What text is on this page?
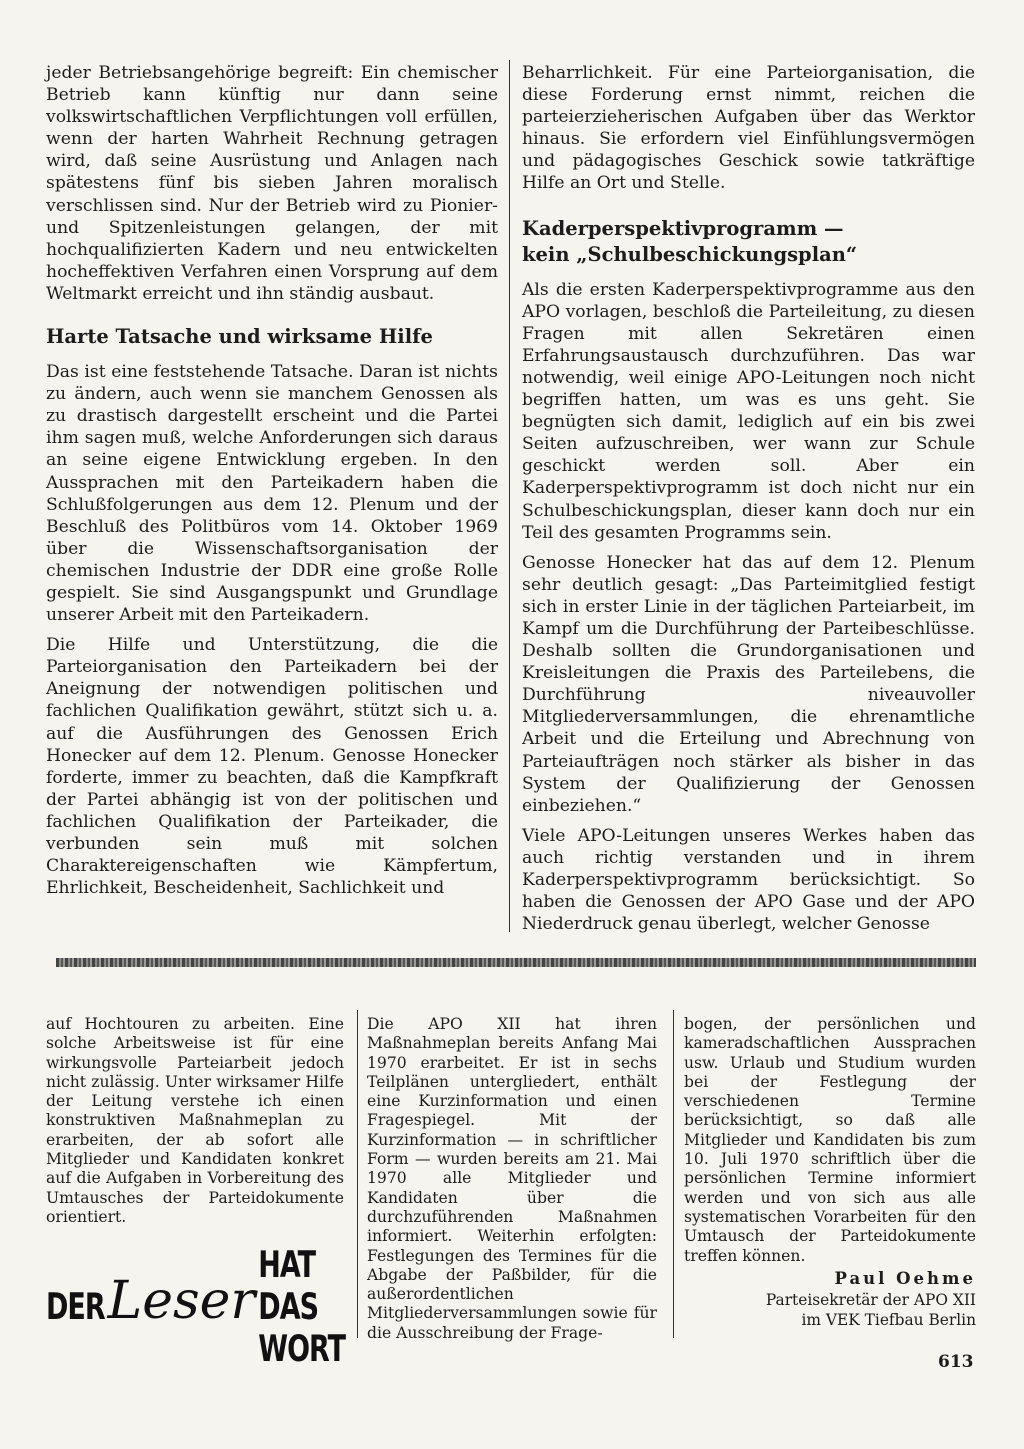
jeder Betriebsangehörige begreift: Ein chemischer Betrieb kann künftig nur dann seine volkswirtschaftlichen Verpflichtungen voll erfüllen, wenn der harten Wahrheit Rechnung getragen wird, daß seine Ausrüstung und Anlagen nach spätestens fünf bis sieben Jahren moralisch verschlissen sind. Nur der Betrieb wird zu Pionier- und Spitzenleistungen gelangen, der mit hochqualifizierten Kadern und neu entwickelten hocheffektiven Verfahren einen Vorsprung auf dem Weltmarkt erreicht und ihn ständig ausbaut.

Harte Tatsache und wirksame Hilfe

Das ist eine feststehende Tatsache. Daran ist nichts zu ändern, auch wenn sie manchem Genossen als zu drastisch dargestellt erscheint und die Partei ihm sagen muß, welche Anforderungen sich daraus an seine eigene Entwicklung ergeben. In den Aussprachen mit den Parteikadern haben die Schlußfolgerungen aus dem 12. Plenum und der Beschluß des Politbüros vom 14. Oktober 1969 über die Wissenschaftsorganisation der chemischen Industrie der DDR eine große Rolle gespielt. Sie sind Ausgangspunkt und Grundlage unserer Arbeit mit den Parteikadern.

Die Hilfe und Unterstützung, die die Parteiorganisation den Parteikadern bei der Aneignung der notwendigen politischen und fachlichen Qualifikation gewährt, stützt sich u. a. auf die Ausführungen des Genossen Erich Honecker auf dem 12. Plenum. Genosse Honecker forderte, immer zu beachten, daß die Kampfkraft der Partei abhängig ist von der politischen und fachlichen Qualifikation der Parteikader, die verbunden sein muß mit solchen Charaktereigenschaften wie Kämpfertum, Ehrlichkeit, Bescheidenheit, Sachlichkeit und

Beharrlichkeit. Für eine Parteiorganisation, die diese Forderung ernst nimmt, reichen die parteierzieherischen Aufgaben über das Werktor hinaus. Sie erfordern viel Einfühlungsvermögen und pädagogisches Geschick sowie tatkräftige Hilfe an Ort und Stelle.

Kaderperspektivprogramm —
kein „Schulbeschickungsplan“

Als die ersten Kaderperspektivprogramme aus den APO vorlagen, beschloß die Parteileitung, zu diesen Fragen mit allen Sekretären einen Erfahrungsaustausch durchzuführen. Das war notwendig, weil einige APO-Leitungen noch nicht begriffen hatten, um was es uns geht. Sie begnügten sich damit, lediglich auf ein bis zwei Seiten aufzuschreiben, wer wann zur Schule geschickt werden soll. Aber ein Kaderperspektivprogramm ist doch nicht nur ein Schulbeschickungsplan, dieser kann doch nur ein Teil des gesamten Programms sein.

Genosse Honecker hat das auf dem 12. Plenum sehr deutlich gesagt: „Das Parteimitglied festigt sich in erster Linie in der täglichen Parteiarbeit, im Kampf um die Durchführung der Parteibeschlüsse. Deshalb sollten die Grundorganisationen und Kreisleitungen die Praxis des Parteilebens, die Durchführung niveauvoller Mitgliederversammlungen, die ehrenamtliche Arbeit und die Erteilung und Abrechnung von Parteiaufträgen noch stärker als bisher in das System der Qualifizierung der Genossen einbeziehen.“

Viele APO-Leitungen unseres Werkes haben das auch richtig verstanden und in ihrem Kaderperspektivprogramm berücksichtigt. So haben die Genossen der APO Gase und der APO Niederdruck genau überlegt, welcher Genosse

auf Hochtouren zu arbeiten. Eine solche Arbeitsweise ist für eine wirkungsvolle Parteiarbeit jedoch nicht zulässig. Unter wirksamer Hilfe der Leitung verstehe ich einen konstruktiven Maßnahmeplan zu erarbeiten, der ab sofort alle Mitglieder und Kandidaten konkret auf die Aufgaben in Vorbereitung des Umtausches der Parteidokumente orientiert.

Die APO XII hat ihren Maßnahmeplan bereits Anfang Mai 1970 erarbeitet. Er ist in sechs Teilplänen untergliedert, enthält eine Kurzinformation und einen Fragespiegel. Mit der Kurzinformation — in schriftlicher Form — wurden bereits am 21. Mai 1970 alle Mitglieder und Kandidaten über die durchzuführenden Maßnahmen informiert. Weiterhin erfolgten: Festlegungen des Termines für die Abgabe der Paßbilder, für die außerordentlichen Mitgliederversammlungen sowie für die Ausschreibung der Frage-

bogen, der persönlichen und kameradschaftlichen Aussprachen usw. Urlaub und Studium wurden bei der Festlegung der verschiedenen Termine berücksichtigt, so daß alle Mitglieder und Kandidaten bis zum 10. Juli 1970 schriftlich über die persönlichen Termine informiert werden und von sich aus alle systematischen Vorarbeiten für den Umtausch der Parteidokumente treffen können.

DER Leser
HAT DAS WORT
Paul Oehme
Parteisekretär der APO XII
im VEK Tiefbau Berlin
613
